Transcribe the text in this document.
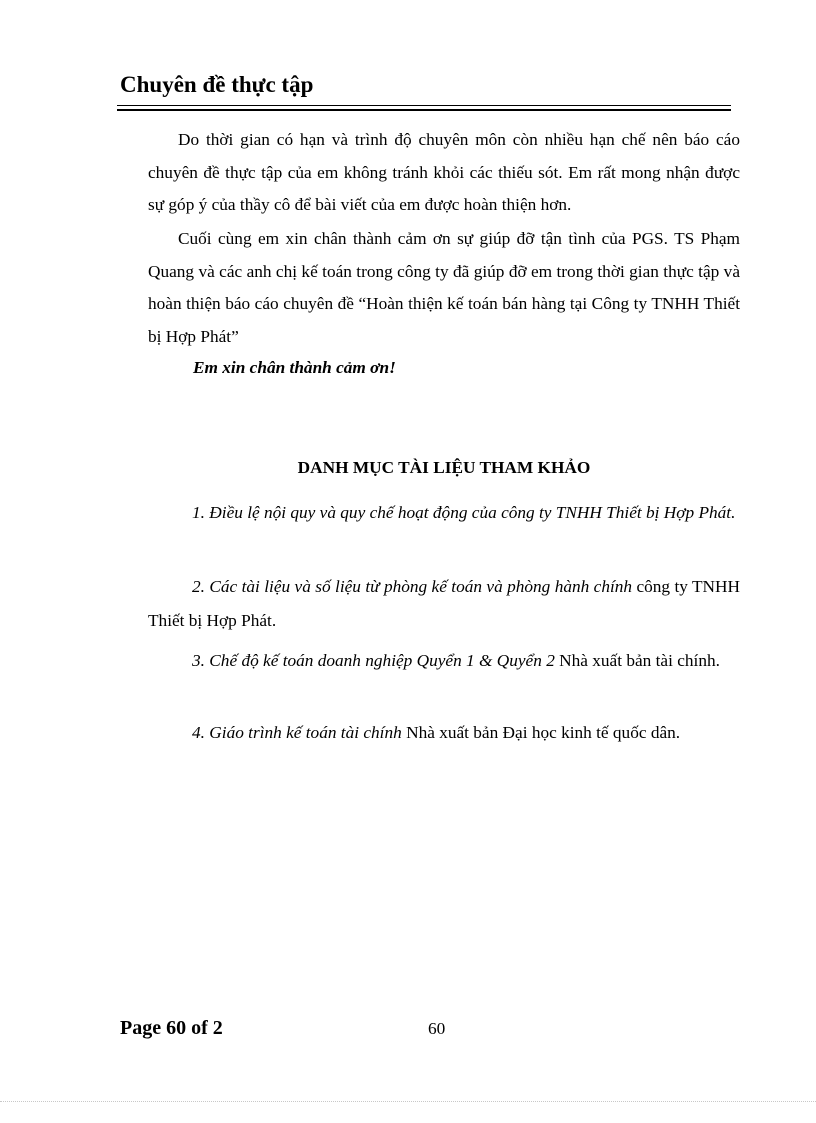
Chuyên đề thực tập

Do thời gian có hạn và trình độ chuyên môn còn nhiều hạn chế nên báo cáo chuyên đề thực tập của em không tránh khỏi các thiếu sót. Em rất mong nhận được sự góp ý của thầy cô để bài viết của em được hoàn thiện hơn.

Cuối cùng em xin chân thành cảm ơn sự giúp đỡ tận tình của PGS. TS Phạm Quang và các anh chị kế toán trong công ty đã giúp đỡ em trong thời gian thực tập và hoàn thiện báo cáo chuyên đề “Hoàn thiện kế toán bán hàng tại Công ty TNHH Thiết bị Hợp Phát”

Em xin chân thành cảm ơn!
DANH MỤC TÀI LIỆU THAM KHẢO

1. Điều lệ nội quy và quy chế hoạt động của công ty TNHH Thiết bị Hợp Phát.

2. Các tài liệu và số liệu từ phòng kế toán và phòng hành chính công ty TNHH Thiết bị Hợp Phát.

3. Chế độ kế toán doanh nghiệp Quyển 1 & Quyển 2 Nhà xuất bản tài chính.

4. Giáo trình kế toán tài chính Nhà xuất bản Đại học kinh tế quốc dân.

Page 60 of 2	60
